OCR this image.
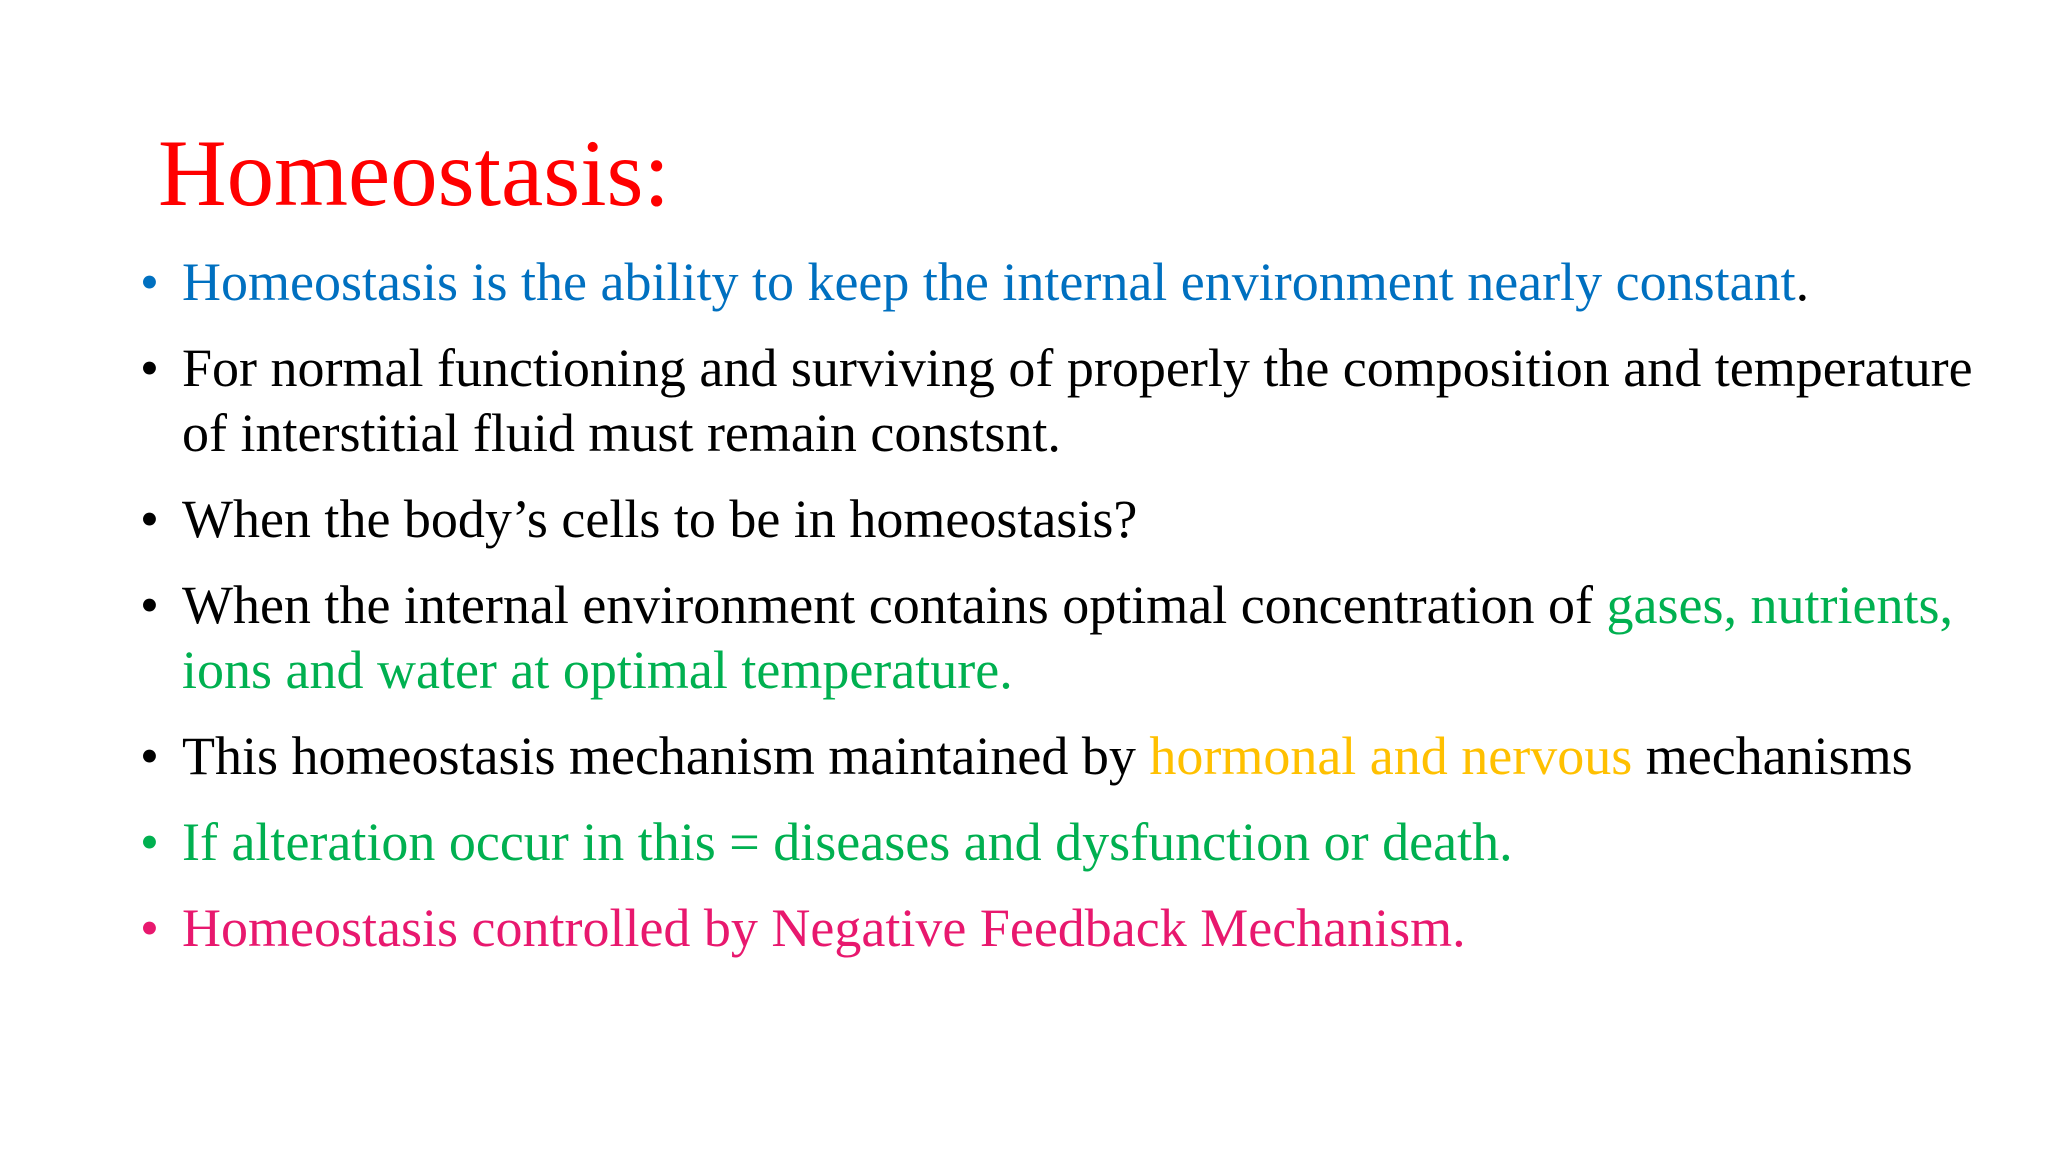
Homeostasis:
• Homeostasis is the ability to keep the internal environment nearly constant.
• For normal functioning and surviving of properly the composition and temperature of interstitial fluid must remain constsnt.
• When the body’s cells to be in homeostasis?
• When the internal environment contains optimal concentration of gases, nutrients, ions and water at optimal temperature.
• This homeostasis mechanism maintained by hormonal and nervous mechanisms
• If alteration occur in this = diseases and dysfunction or death.
• Homeostasis controlled by Negative Feedback Mechanism.
